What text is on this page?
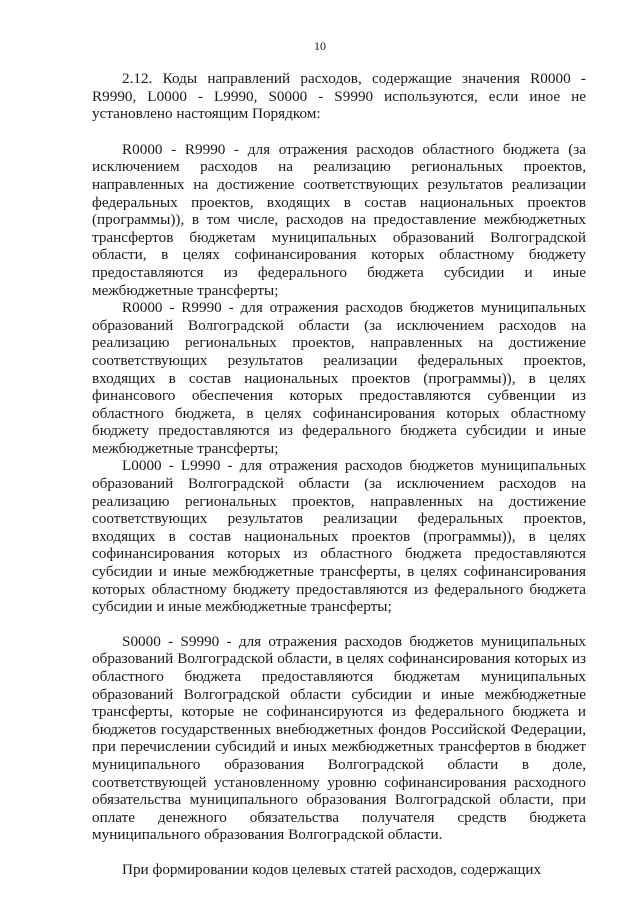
10

2.12. Коды направлений расходов, содержащие значения R0000 - R9990, L0000 - L9990, S0000 - S9990 используются, если иное не установлено настоящим Порядком:

R0000 - R9990 - для отражения расходов областного бюджета (за исключением расходов на реализацию региональных проектов, направленных на достижение соответствующих результатов реализации федеральных проектов, входящих в состав национальных проектов (программы)), в том числе, расходов на предоставление межбюджетных трансфертов бюджетам муниципальных образований Волгоградской области, в целях софинансирования которых областному бюджету предоставляются из федерального бюджета субсидии и иные межбюджетные трансферты;

R0000 - R9990 - для отражения расходов бюджетов муниципальных образований Волгоградской области (за исключением расходов на реализацию региональных проектов, направленных на достижение соответствующих результатов реализации федеральных проектов, входящих в состав национальных проектов (программы)), в целях финансового обеспечения которых предоставляются субвенции из областного бюджета, в целях софинансирования которых областному бюджету предоставляются из федерального бюджета субсидии и иные межбюджетные трансферты;

L0000 - L9990 - для отражения расходов бюджетов муниципальных образований Волгоградской области (за исключением расходов на реализацию региональных проектов, направленных на достижение соответствующих результатов реализации федеральных проектов, входящих в состав национальных проектов (программы)), в целях софинансирования которых из областного бюджета предоставляются субсидии и иные межбюджетные трансферты, в целях софинансирования которых областному бюджету предоставляются из федерального бюджета субсидии и иные межбюджетные трансферты;

S0000 - S9990 - для отражения расходов бюджетов муниципальных образований Волгоградской области, в целях софинансирования которых из областного бюджета предоставляются бюджетам муниципальных образований Волгоградской области субсидии и иные межбюджетные трансферты, которые не софинансируются из федерального бюджета и бюджетов государственных внебюджетных фондов Российской Федерации, при перечислении субсидий и иных межбюджетных трансфертов в бюджет муниципального образования Волгоградской области в доле, соответствующей установленному уровню софинансирования расходного обязательства муниципального образования Волгоградской области, при оплате денежного обязательства получателя средств бюджета муниципального образования Волгоградской области.

При формировании кодов целевых статей расходов, содержащих
